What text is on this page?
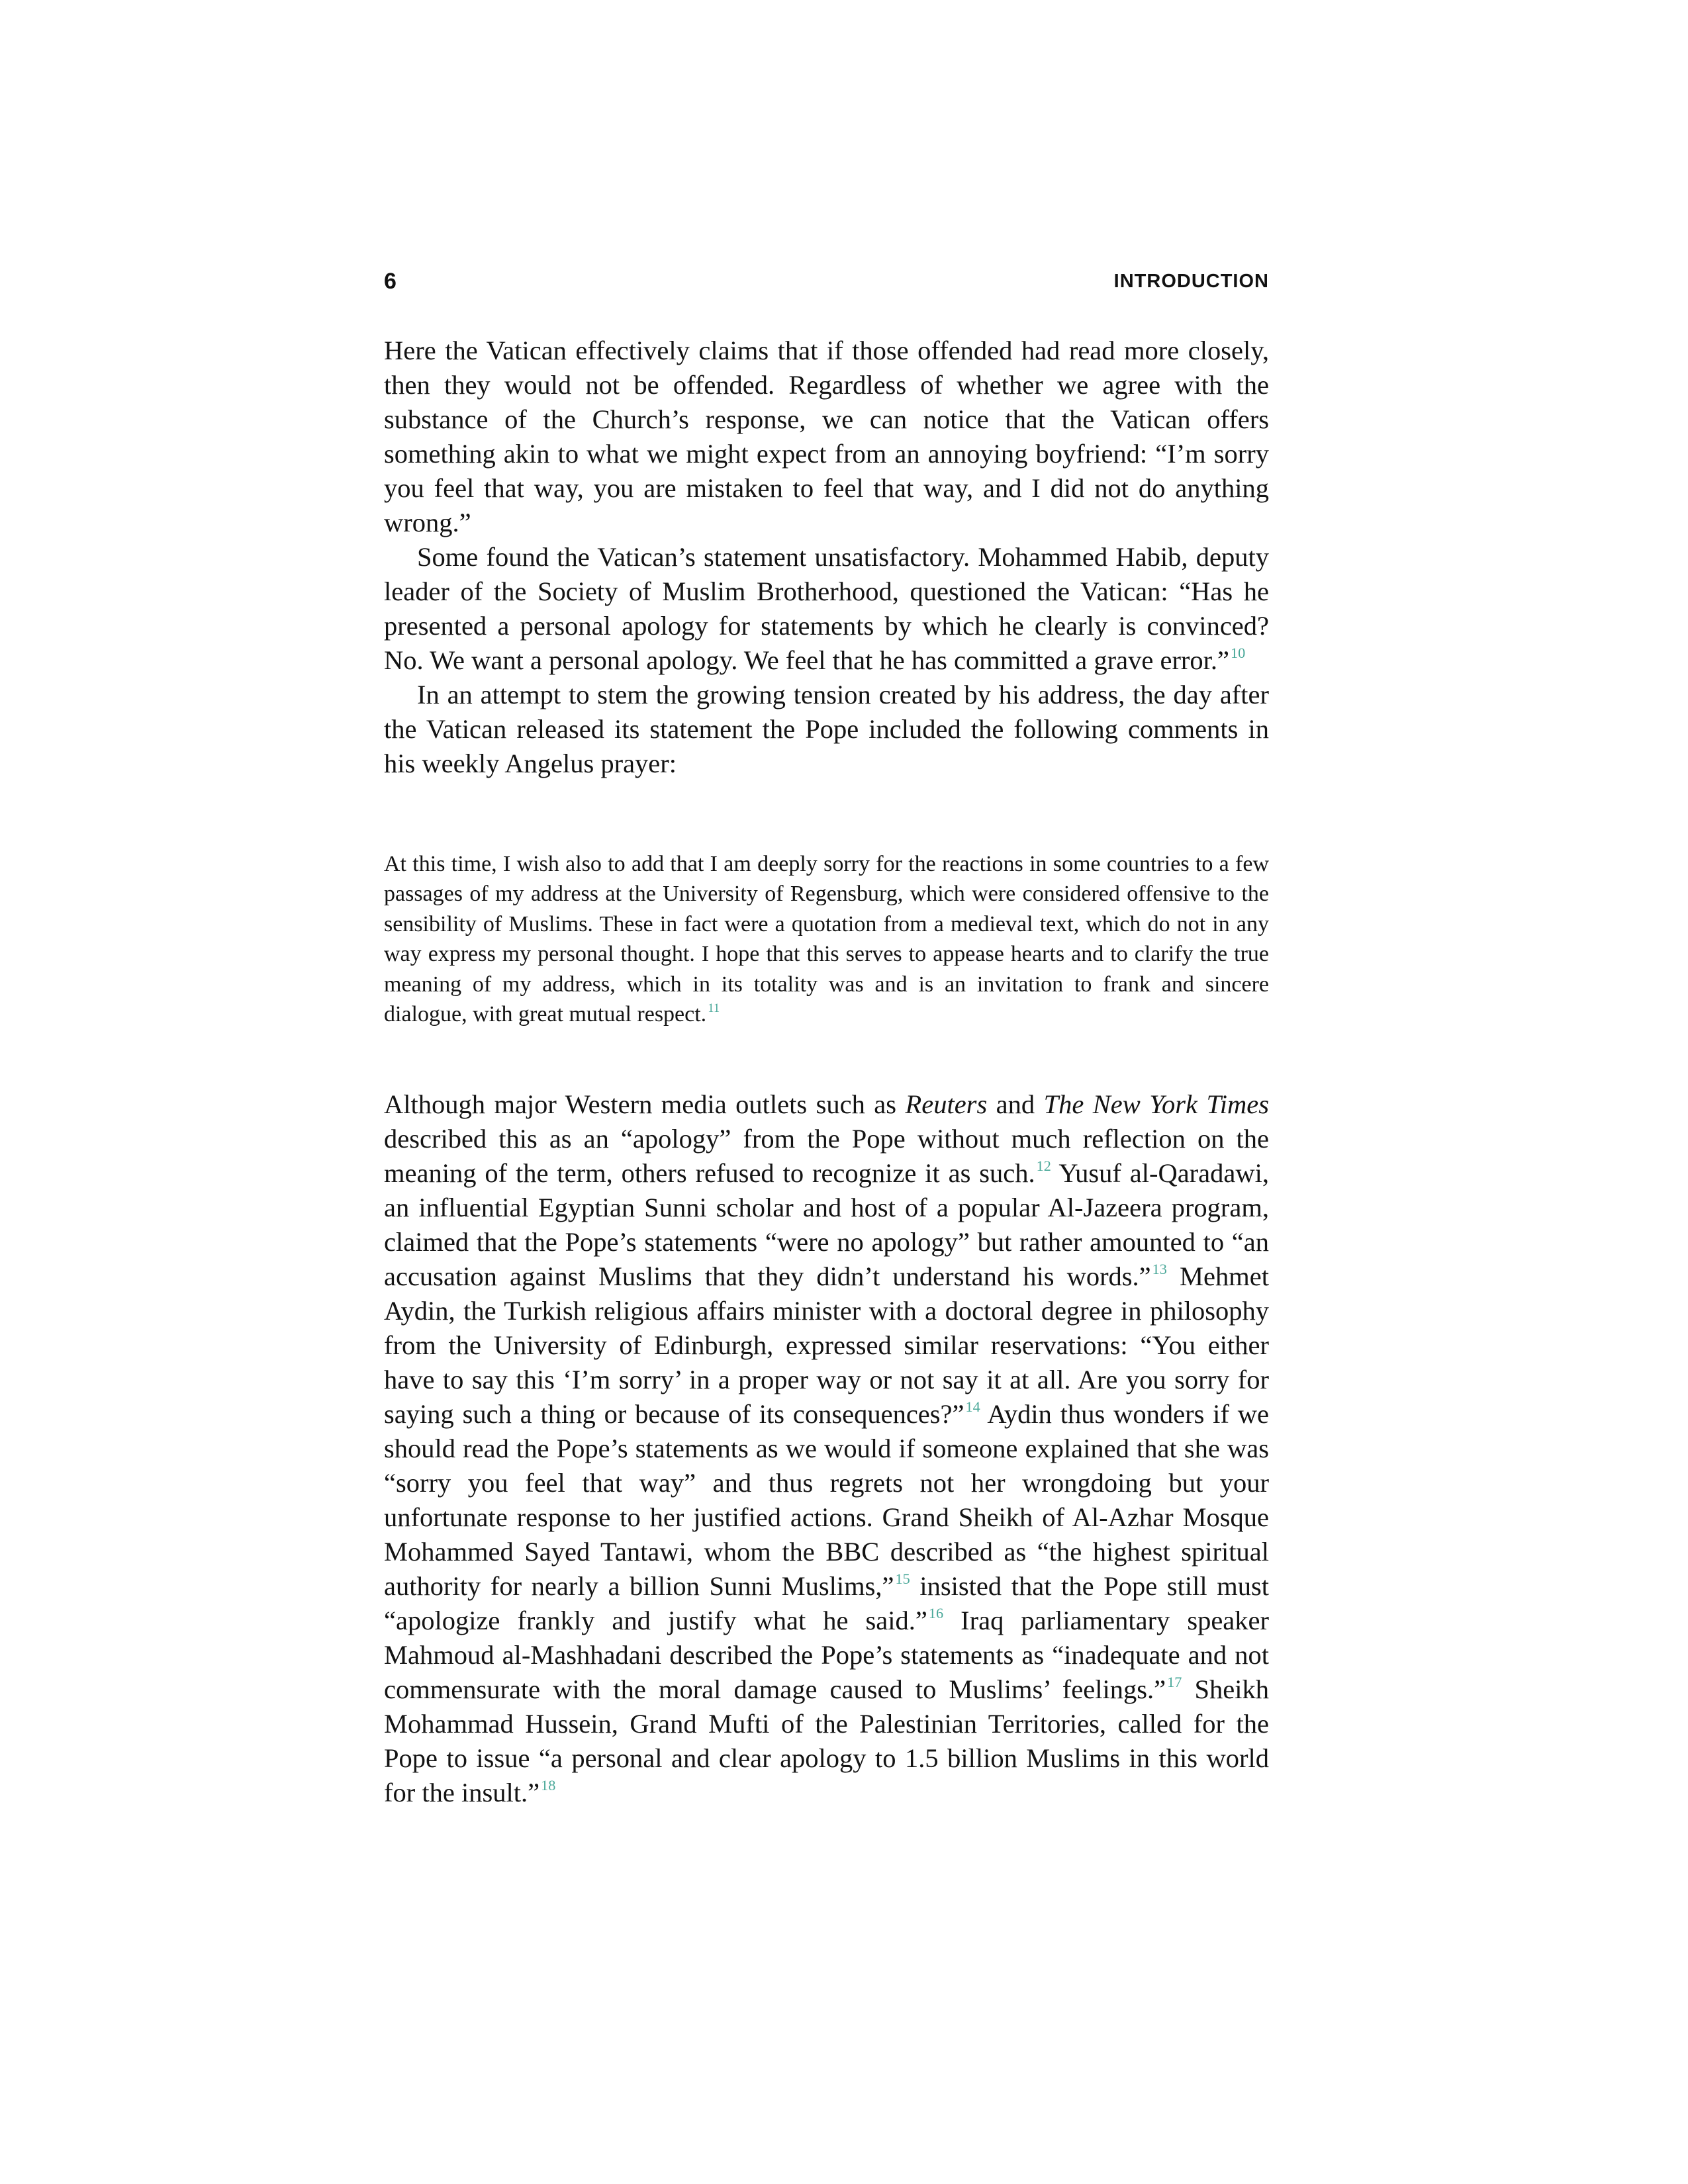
6	INTRODUCTION

Here the Vatican effectively claims that if those offended had read more closely, then they would not be offended. Regardless of whether we agree with the substance of the Church’s response, we can notice that the Vatican offers something akin to what we might expect from an annoying boyfriend: “I’m sorry you feel that way, you are mistaken to feel that way, and I did not do anything wrong.”

Some found the Vatican’s statement unsatisfactory. Mohammed Habib, deputy leader of the Society of Muslim Brotherhood, questioned the Vatican: “Has he presented a personal apology for statements by which he clearly is convinced? No. We want a personal apology. We feel that he has committed a grave error.”$^{10}$

In an attempt to stem the growing tension created by his address, the day after the Vatican released its statement the Pope included the following comments in his weekly Angelus prayer:

At this time, I wish also to add that I am deeply sorry for the reactions in some countries to a few passages of my address at the University of Regensburg, which were considered offensive to the sensibility of Muslims. These in fact were a quotation from a medieval text, which do not in any way express my personal thought. I hope that this serves to appease hearts and to clarify the true meaning of my address, which in its totality was and is an invitation to frank and sincere dialogue, with great mutual respect. $^{11}$

Although major Western media outlets such as Reuters and The New York Times described this as an “apology” from the Pope without much reflection on the meaning of the term, others refused to recognize it as such.$^{12}$ Yusuf al-Qaradawi, an influential Egyptian Sunni scholar and host of a popular Al-Jazeera program, claimed that the Pope’s statements “were no apology” but rather amounted to “an accusation against Muslims that they didn’t understand his words.”$^{13}$ Mehmet Aydin, the Turkish religious affairs minister with a doctoral degree in philosophy from the University of Edinburgh, expressed similar reservations: “You either have to say this ‘I’m sorry’ in a proper way or not say it at all. Are you sorry for saying such a thing or because of its consequences?”$^{14}$ Aydin thus wonders if we should read the Pope’s statements as we would if someone explained that she was “sorry you feel that way” and thus regrets not her wrongdoing but your unfortunate response to her justified actions. Grand Sheikh of Al-Azhar Mosque Mohammed Sayed Tantawi, whom the BBC described as “the highest spiritual authority for nearly a billion Sunni Muslims,”$^{15}$ insisted that the Pope still must “apologize frankly and justify what he said.”$^{16}$ Iraq parliamentary speaker Mahmoud al-Mashhadani described the Pope’s statements as “inadequate and not commensurate with the moral damage caused to Muslims’ feelings.”$^{17}$ Sheikh Mohammad Hussein, Grand Mufti of the Palestinian Territories, called for the Pope to issue “a personal and clear apology to 1.5 billion Muslims in this world for the insult.”$^{18}$
